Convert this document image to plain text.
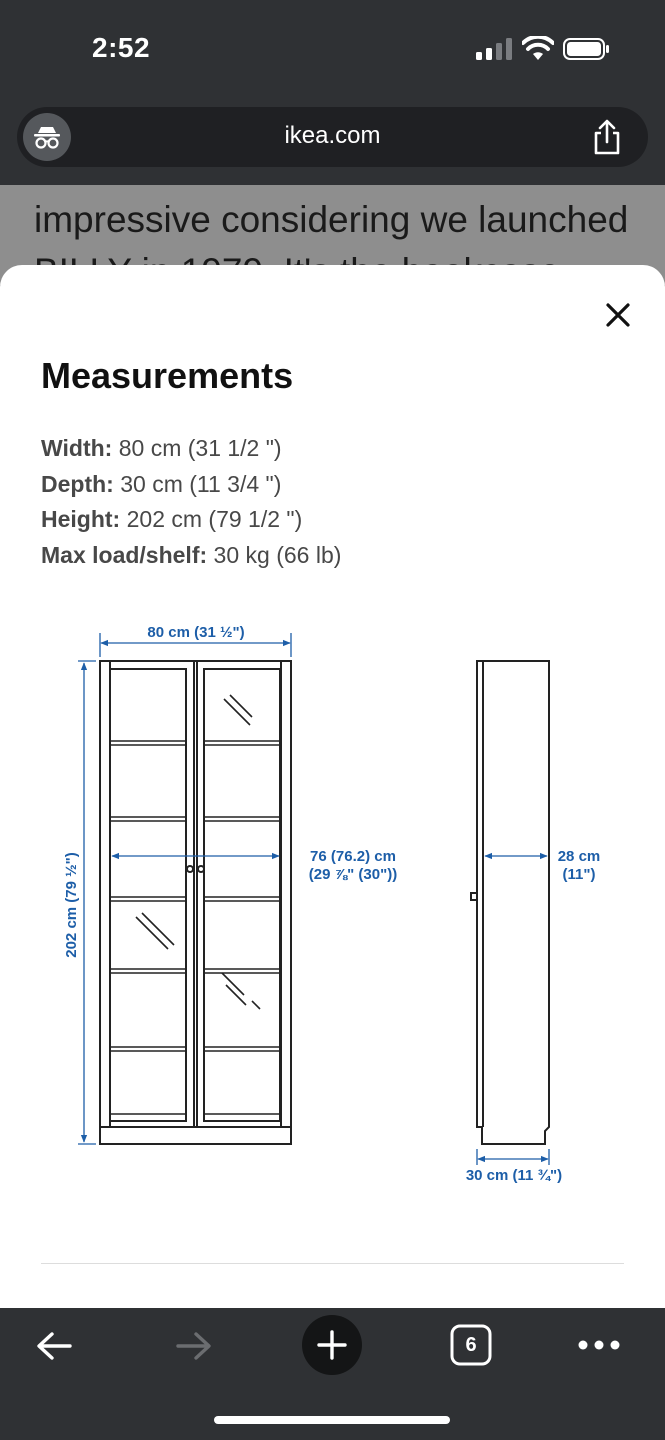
2:52
ikea.com
impressive considering we launched
Measurements
Width: 80 cm (31 1/2 ")
Depth: 30 cm (11 3/4 ")
Height: 202 cm (79 1/2 ")
Max load/shelf: 30 kg (66 lb)
80 cm (31 ½")
202 cm (79 ½")	76 (76.2) cm
(29 ⅞" (30"))
28 cm
(11")
30 cm (11 ¾")
6
